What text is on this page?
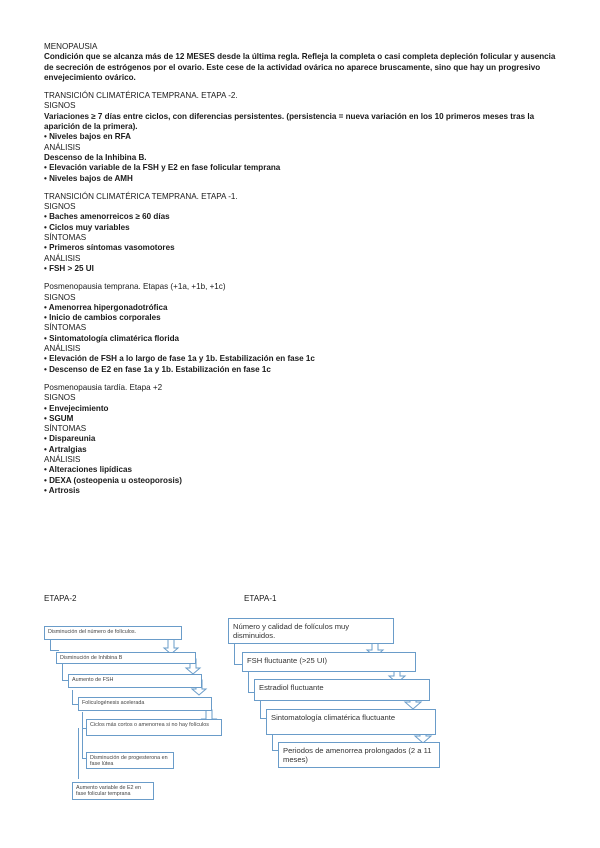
MENOPAUSIA
Condición que se alcanza más de 12 MESES desde la última regla. Refleja la completa o casi completa depleción folicular y ausencia de secreción de estrógenos por el ovario. Este cese de la actividad ovárica no aparece bruscamente, sino que hay un progresivo envejecimiento ovárico.
TRANSICIÓN CLIMATÉRICA TEMPRANA. ETAPA -2.
SIGNOS
Variaciones ≥ 7 días entre ciclos, con diferencias persistentes. (persistencia = nueva variación en los 10 primeros meses tras la aparición de la primera).
• Niveles bajos en RFA
ANÁLISIS
Descenso de la Inhibina B.
• Elevación variable de la FSH y E2 en fase folicular temprana
• Niveles bajos de AMH
TRANSICIÓN CLIMATÉRICA TEMPRANA. ETAPA -1.
SIGNOS
• Baches amenorreicos ≥ 60 días
• Ciclos muy variables
SÍNTOMAS
• Primeros síntomas vasomotores
ANÁLISIS
• FSH > 25 UI
Posmenopausia temprana. Etapas (+1a, +1b, +1c)
SIGNOS
• Amenorrea hipergonadotrófica
• Inicio de cambios corporales
SÍNTOMAS
• Sintomatología climatérica florida
ANÁLISIS
• Elevación de FSH a lo largo de fase 1a y 1b. Estabilización en fase 1c
• Descenso de E2 en fase 1a y 1b. Estabilización en fase 1c
Posmenopausia tardía. Etapa +2
SIGNOS
• Envejecimiento
• SGUM
SÍNTOMAS
• Dispareunia
• Artralgias
ANÁLISIS
• Alteraciones lipídicas
• DEXA (osteopenia u osteoporosis)
• Artrosis
ETAPA-2	ETAPA-1
Disminución del número de folículos.
Disminución de Inhibina B
Aumento de FSH
Foliculogénesis acelerada
Ciclos más cortos o amenorrea si no hay folículos
Disminución de progesterona en fase lútea
Aumento variable de E2 en fase folicular temprana
Número y calidad de folículos muy disminuidos.
FSH fluctuante (>25 UI)
Estradiol fluctuante
Sintomatología climatérica fluctuante
Periodos de amenorrea prolongados (2 a 11 meses)
